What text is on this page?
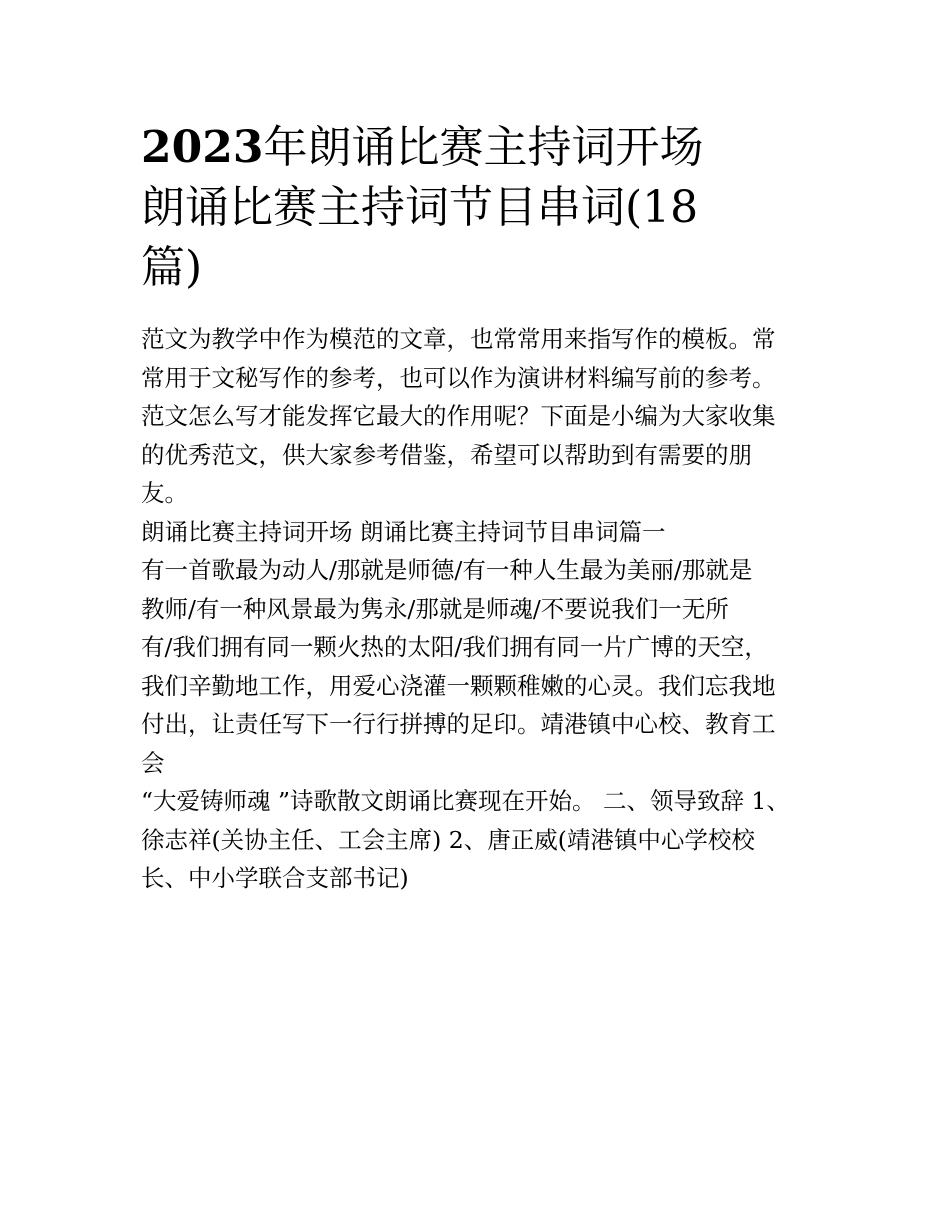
2023年朗诵比赛主持词开场
朗诵比赛主持词节目串词(18
篇)

范文为教学中作为模范的文章，也常常用来指写作的模板。常

常用于文秘写作的参考，也可以作为演讲材料编写前的参考。

范文怎么写才能发挥它最大的作用呢？下面是小编为大家收集

的优秀范文，供大家参考借鉴，希望可以帮助到有需要的朋

友。

朗诵比赛主持词开场 朗诵比赛主持词节目串词篇一

有一首歌最为动人/那就是师德/有一种人生最为美丽/那就是

教师/有一种风景最为隽永/那就是师魂/不要说我们一无所

有/我们拥有同一颗火热的太阳/我们拥有同一片广博的天空，

我们辛勤地工作，用爱心浇灌一颗颗稚嫩的心灵。我们忘我地

付出，让责任写下一行行拼搏的足印。靖港镇中心校、教育工

会

“大爱铸师魂 ”诗歌散文朗诵比赛现在开始。 二、领导致辞 1、

徐志祥(关协主任、工会主席) 2、唐正威(靖港镇中心学校校

长、中小学联合支部书记)
